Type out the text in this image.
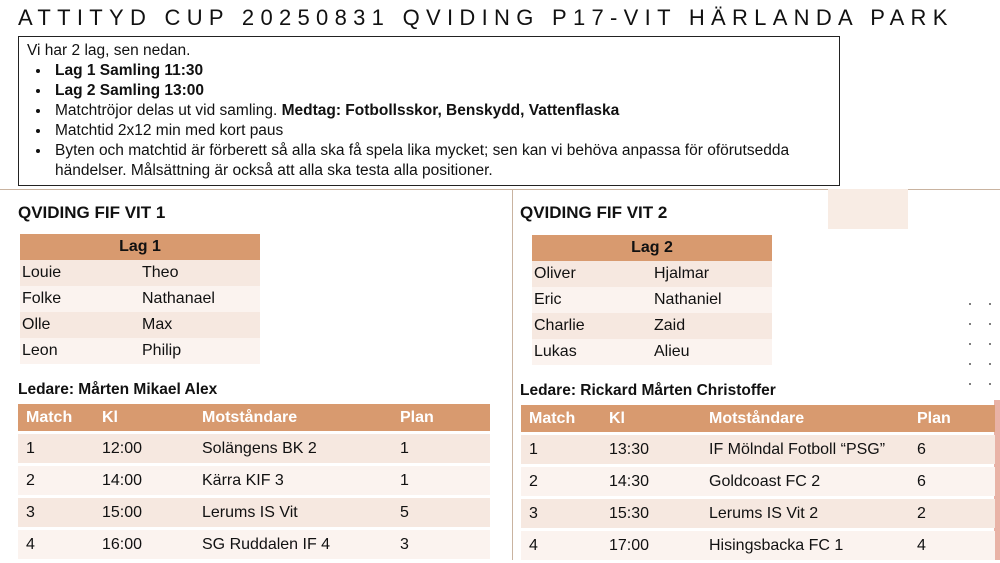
ATTITYD CUP 20250831 QVIDING P17-VIT HÄRLANDA PARK
Vi har 2 lag, sen nedan.
• Lag 1 Samling 11:30
• Lag 2 Samling 13:00
• Matchtröjor delas ut vid samling. Medtag: Fotbollsskor, Benskydd, Vattenflaska
• Matchtid 2x12 min med kort paus
• Byten och matchtid är förberett så alla ska få spela lika mycket; sen kan vi behöva anpassa för oförutsedda händelser. Målsättning är också att alla ska testa alla positioner.
QVIDING FIF VIT 1
Lag 1	
Louie	Theo
Folke	Nathanael
Olle	Max
Leon	Philip
Ledare: Mårten Mikael Alex
Match	Kl	Motståndare	Plan
1	12:00	Solängens BK 2	1
2	14:00	Kärra KIF 3	1
3	15:00	Lerums IS Vit	5
4	16:00	SG Ruddalen IF 4	3
QVIDING FIF VIT 2
Lag 2	
Oliver	Hjalmar
Eric	Nathaniel
Charlie	Zaid
Lukas	Alieu
Ledare: Rickard Mårten Christoffer
Match	Kl	Motståndare	Plan
1	13:30	IF Mölndal Fotboll “PSG”	6
2	14:30	Goldcoast FC 2	6
3	15:30	Lerums IS Vit 2	2
4	17:00	Hisingsbacka FC 1	4
